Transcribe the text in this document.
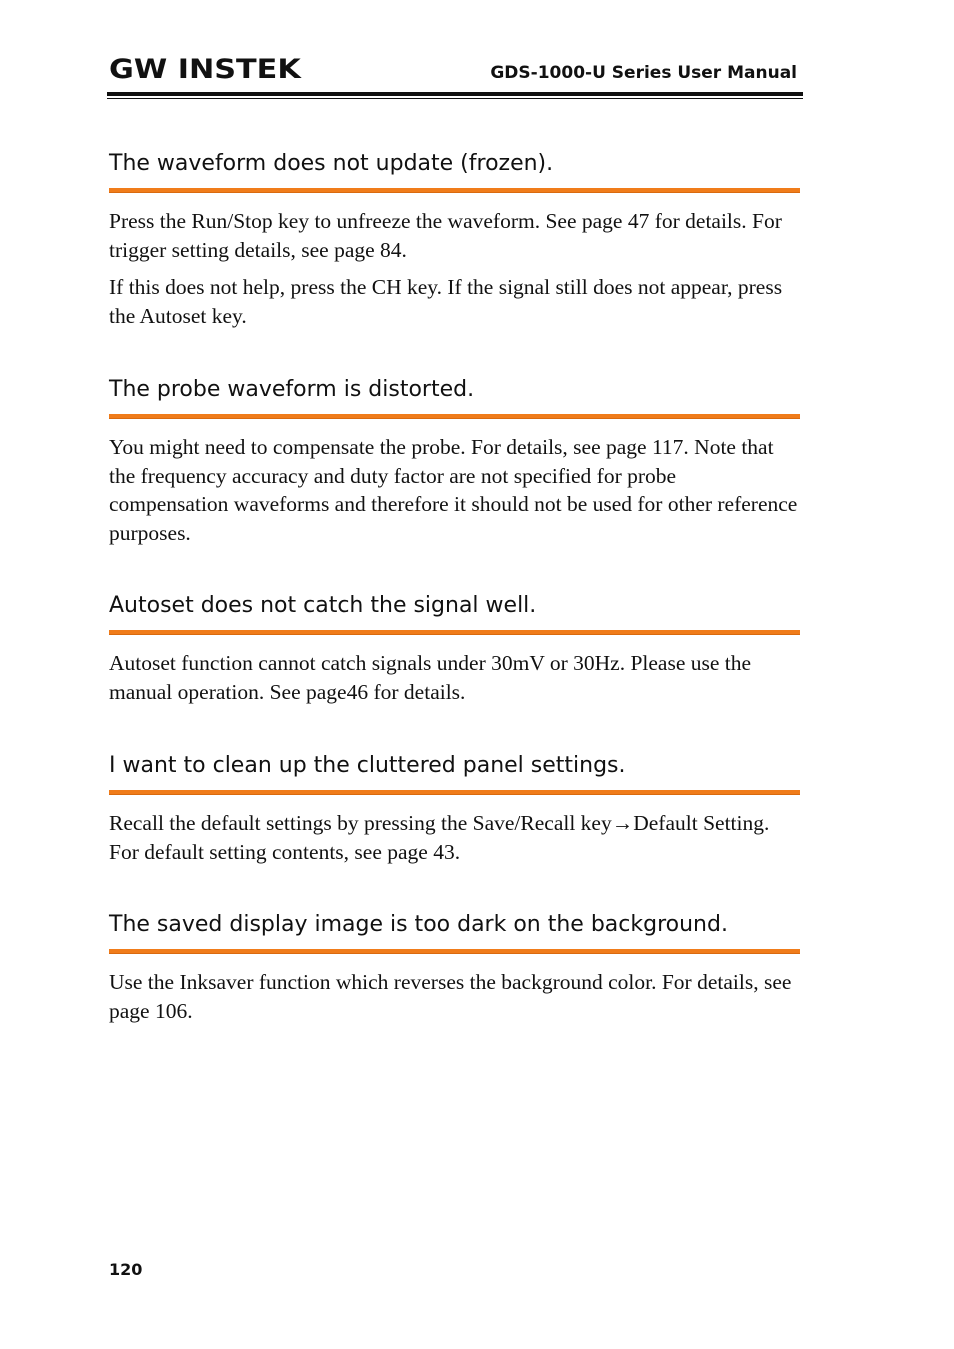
GW INSTEK	GDS-1000-U Series User Manual
The waveform does not update (frozen).

Press the Run/Stop key to unfreeze the waveform. See page 47 for details. For trigger setting details, see page 84.

If this does not help, press the CH key. If the signal still does not appear, press the Autoset key.

The probe waveform is distorted.

You might need to compensate the probe. For details, see page 117. Note that the frequency accuracy and duty factor are not specified for probe compensation waveforms and therefore it should not be used for other reference purposes.

Autoset does not catch the signal well.

Autoset function cannot catch signals under 30mV or 30Hz. Please use the manual operation. See page46 for details.

I want to clean up the cluttered panel settings.

Recall the default settings by pressing the Save/Recall key→Default Setting. For default setting contents, see page 43.

The saved display image is too dark on the background.

Use the Inksaver function which reverses the background color. For details, see page 106.

120
